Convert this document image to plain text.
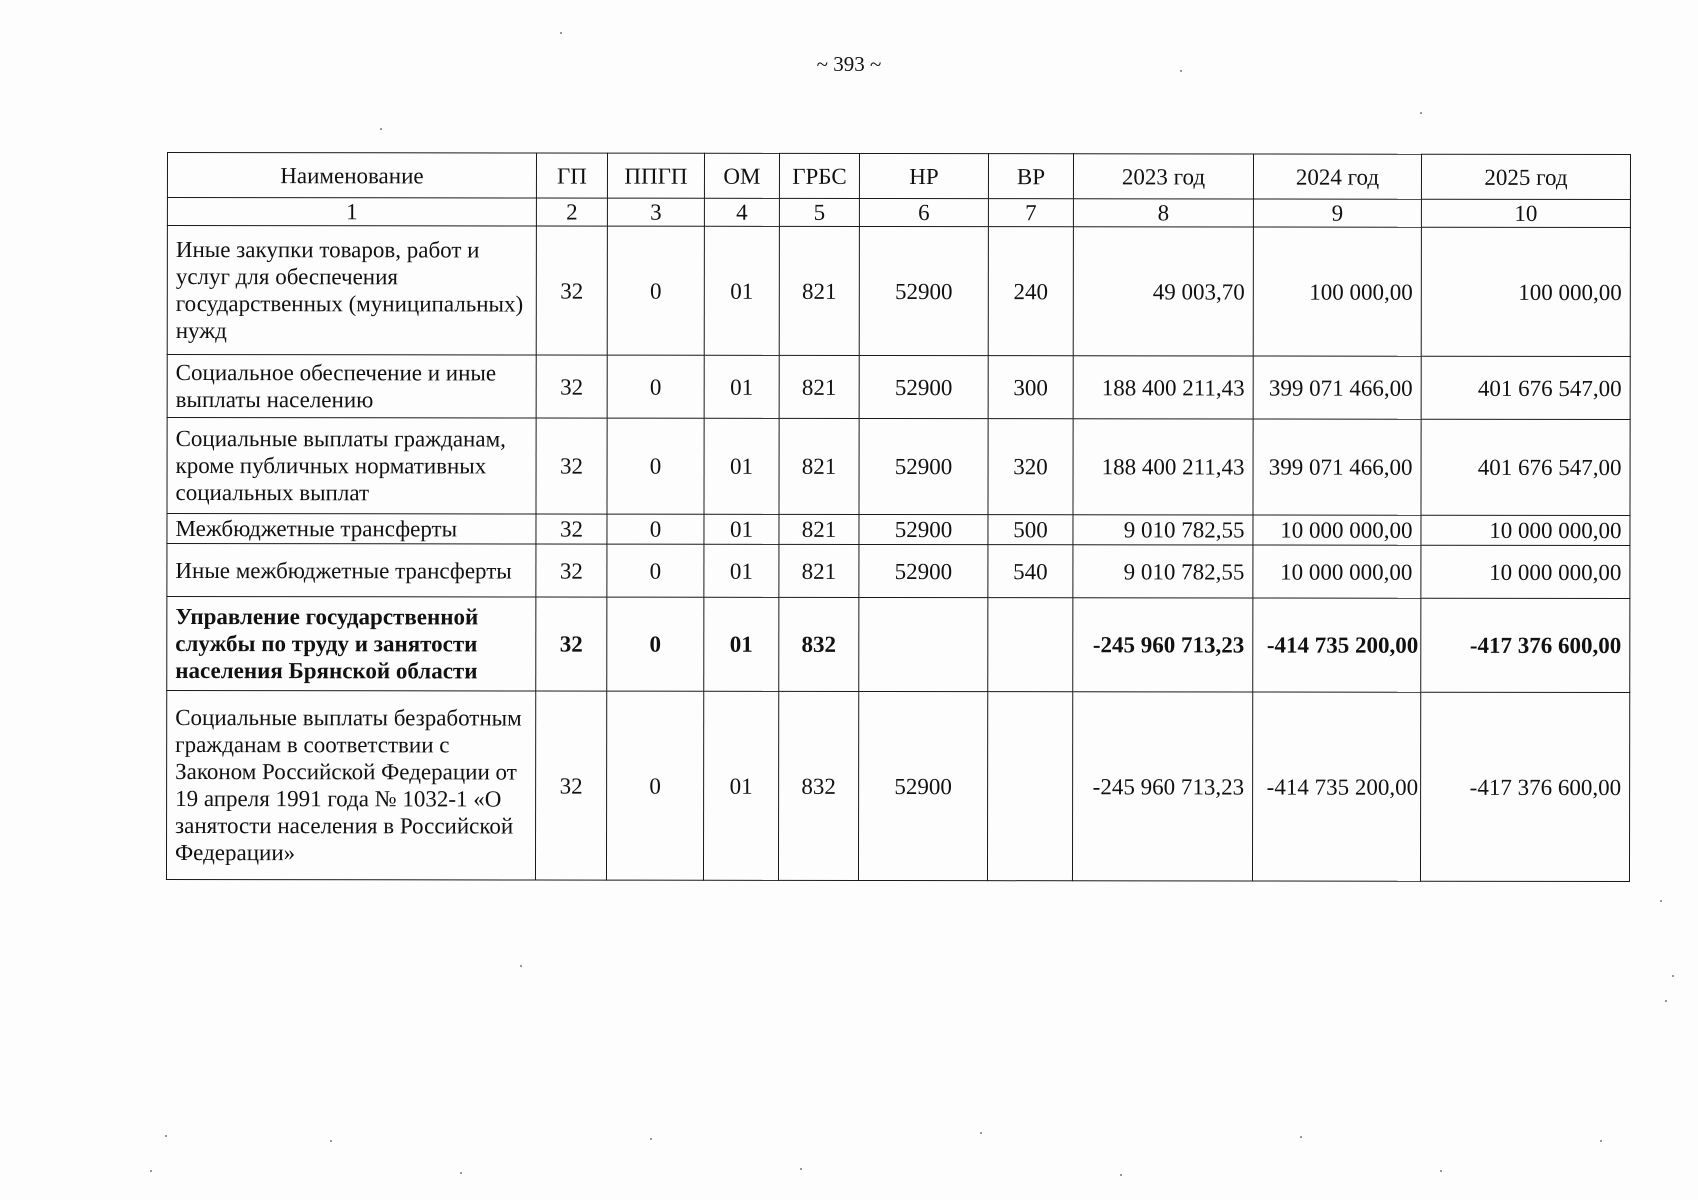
~ 393 ~
Наименование	ГП	ППГП	ОМ	ГРБС	НР	ВР	2023 год	2024 год	2025 год
1	2	3	4	5	6	7	8	9	10
Иные закупки товаров, работ и услуг для обеспечения государственных (муниципальных) нужд	32	0	01	821	52900	240	49 003,70	100 000,00	100 000,00
Социальное обеспечение и иные выплаты населению	32	0	01	821	52900	300	188 400 211,43	399 071 466,00	401 676 547,00
Социальные выплаты гражданам, кроме публичных нормативных социальных выплат	32	0	01	821	52900	320	188 400 211,43	399 071 466,00	401 676 547,00
Межбюджетные трансферты	32	0	01	821	52900	500	9 010 782,55	10 000 000,00	10 000 000,00
Иные межбюджетные трансферты	32	0	01	821	52900	540	9 010 782,55	10 000 000,00	10 000 000,00
Управление государственной службы по труду и занятости населения Брянской области	32	0	01	832			-245 960 713,23	-414 735 200,00	-417 376 600,00
Социальные выплаты безработным гражданам в соответствии с Законом Российской Федерации от 19 апреля 1991 года № 1032-1 «О занятости населения в Российской Федерации»	32	0	01	832	52900		-245 960 713,23	-414 735 200,00	-417 376 600,00
